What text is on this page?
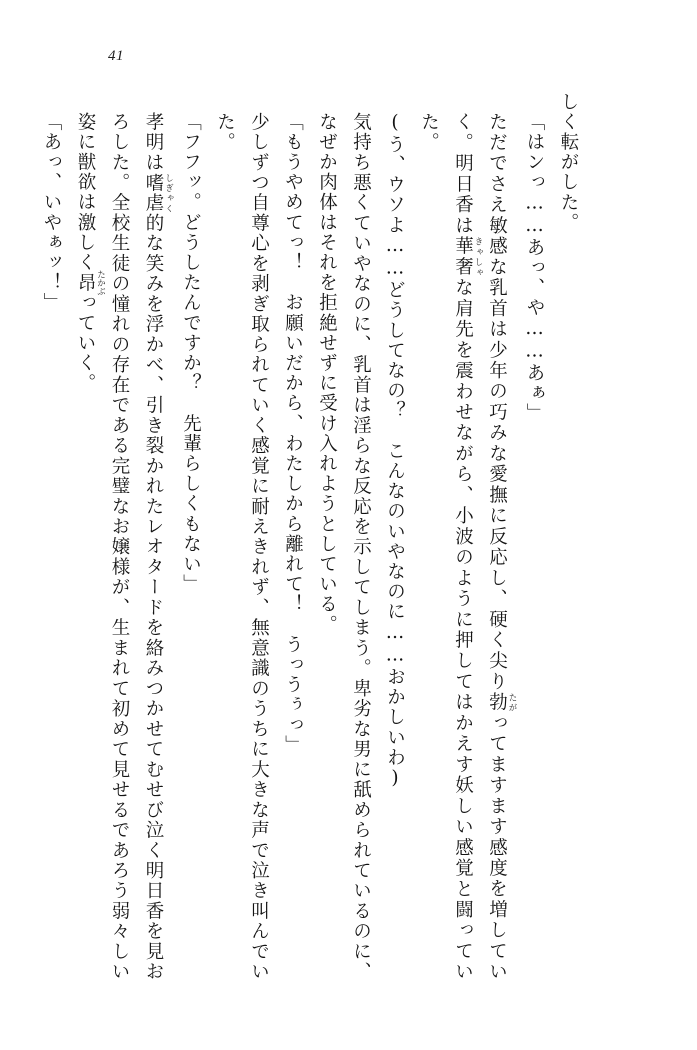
41

しく転がした。

「はンっ……あっ、や……あぁ」

ただでさえ敏感な乳首は少年の巧みな愛撫に反応し、硬く尖り勃 たがってますます感度を増していく。明日香は華奢 きゃしゃな肩先を震わせながら、小波のように押してはかえす妖しい感覚と闘っていた。

(う、ウソよ……どうしてなの？　こんなのいやなのに……おかしいわ)

気持ち悪くていやなのに、乳首は淫らな反応を示してしまう。卑劣な男に舐められているのに、なぜか肉体はそれを拒絶せずに受け入れようとしている。

「もうやめてっ！　お願いだから、わたしから離れて！　うっうぅっ」

少しずつ自尊心を剥ぎ取られていく感覚に耐えきれず、無意識のうちに大きな声で泣き叫んでいた。

「フフッ。どうしたんですか？　先輩らしくもない」

孝明は嗜虐 しぎゃく的な笑みを浮かべ、引き裂かれたレオタードを絡みつかせてむせび泣く明日香を見おろした。全校生徒の憧れの存在である完璧なお嬢様が、生まれて初めて見せるであろう弱々しい姿に獣欲は激しく昂 たかぶっていく。

「あっ、いやぁッ！」
